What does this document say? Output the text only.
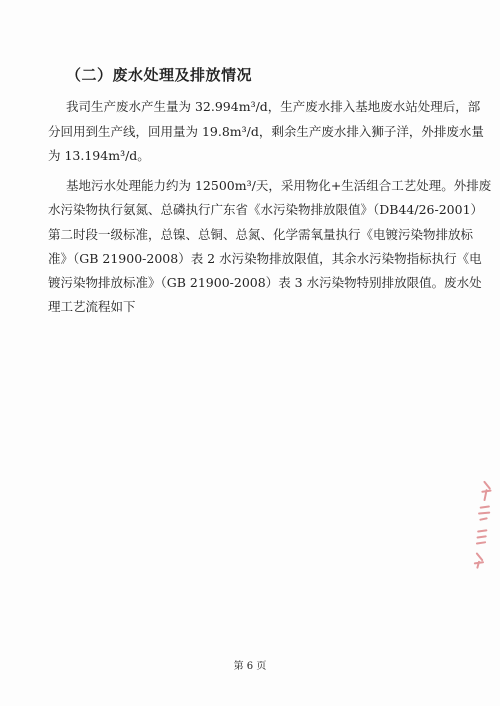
（二）废水处理及排放情况
我司生产废水产生量为 32.994m³/d，生产废水排入基地废水站处理后，部
分回用到生产线，回用量为 19.8m³/d，剩余生产废水排入狮子洋，外排废水量
为 13.194m³/d。
基地污水处理能力约为 12500m³/天，采用物化+生活组合工艺处理。外排废
水污染物执行氨氮、总磷执行广东省《水污染物排放限值》（DB44/26-2001）
第二时段一级标准，总镍、总铜、总氮、化学需氧量执行《电镀污染物排放标
准》（GB 21900-2008）表 2 水污染物排放限值，其余水污染物指标执行《电
镀污染物排放标准》（GB 21900-2008）表 3 水污染物特别排放限值。废水处
理工艺流程如下
第 6 页
